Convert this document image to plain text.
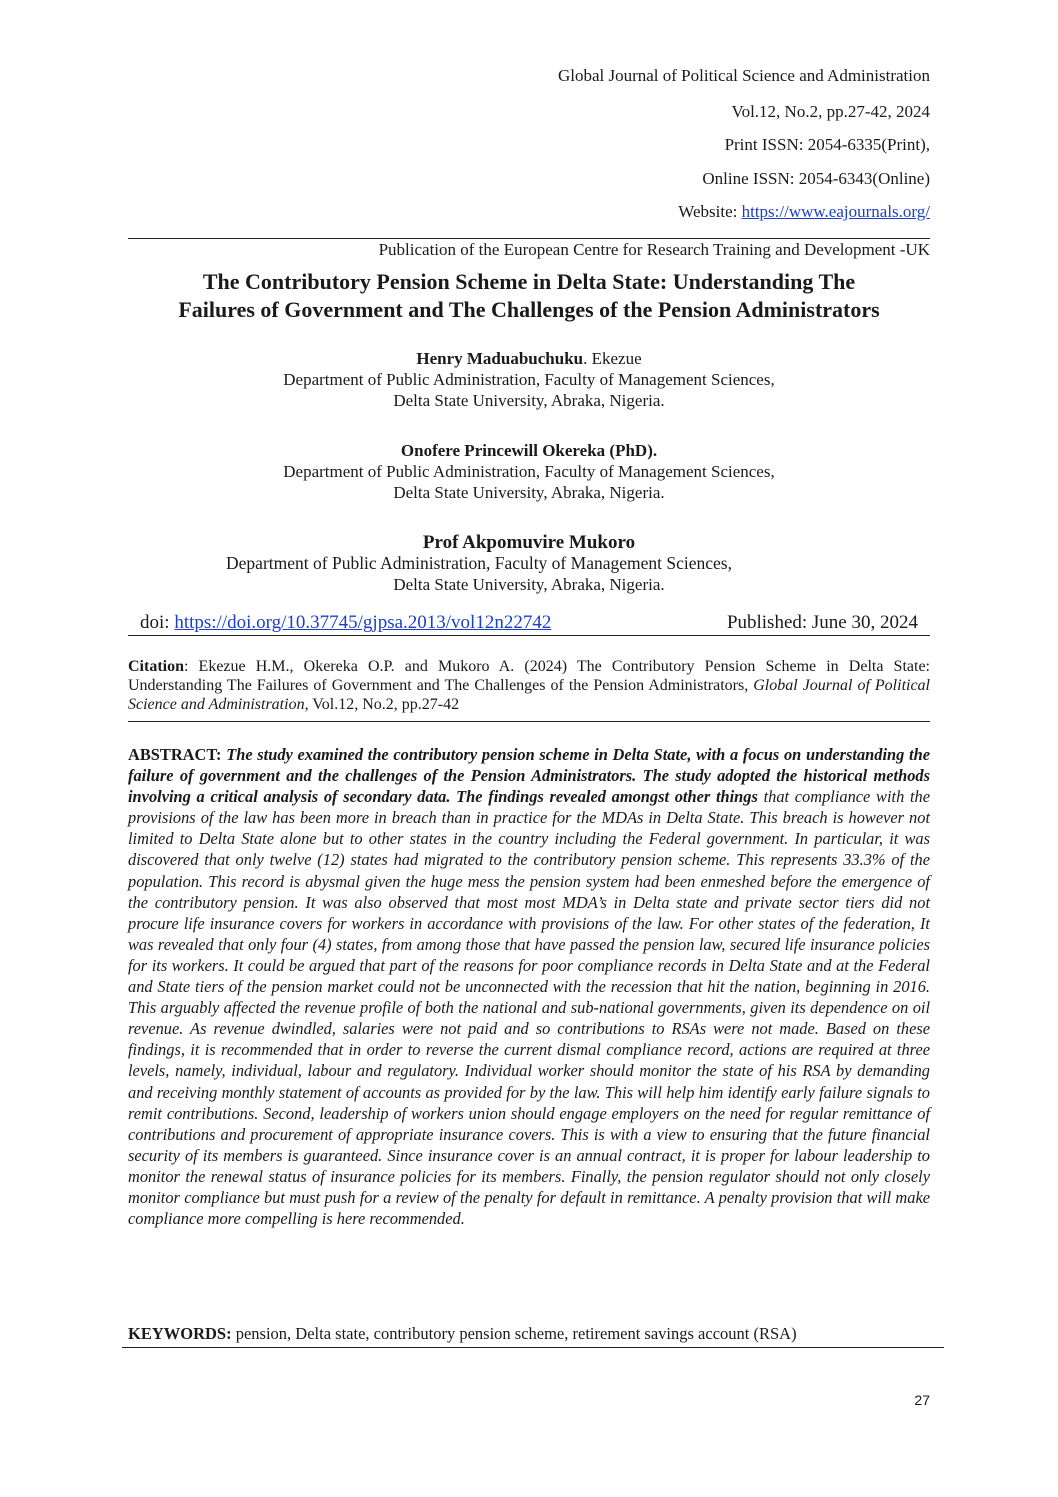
Global Journal of Political Science and Administration
Vol.12, No.2, pp.27-42, 2024
Print ISSN: 2054-6335(Print),
Online ISSN: 2054-6343(Online)
Website: https://www.eajournals.org/
Publication of the European Centre for Research Training and Development -UK
The Contributory Pension Scheme in Delta State: Understanding The
Failures of Government and The Challenges of the Pension Administrators
Henry Maduabuchuku. Ekezue
Department of Public Administration, Faculty of Management Sciences,
Delta State University, Abraka, Nigeria.
Onofere Princewill Okereka (PhD).
Department of Public Administration, Faculty of Management Sciences,
Delta State University, Abraka, Nigeria.
Prof Akpomuvire Mukoro
Department of Public Administration, Faculty of Management Sciences,
Delta State University, Abraka, Nigeria.
doi: https://doi.org/10.37745/gjpsa.2013/vol12n22742	Published: June 30, 2024
Citation: Ekezue H.M., Okereka O.P. and Mukoro A. (2024) The Contributory Pension Scheme in Delta State: Understanding The Failures of Government and The Challenges of the Pension Administrators, Global Journal of Political Science and Administration, Vol.12, No.2, pp.27-42
ABSTRACT: The study examined the contributory pension scheme in Delta State, with a focus on understanding the failure of government and the challenges of the Pension Administrators. The study adopted the historical methods involving a critical analysis of secondary data. The findings revealed amongst other things that compliance with the provisions of the law has been more in breach than in practice for the MDAs in Delta State. This breach is however not limited to Delta State alone but to other states in the country including the Federal government. In particular, it was discovered that only twelve (12) states had migrated to the contributory pension scheme. This represents 33.3% of the population. This record is abysmal given the huge mess the pension system had been enmeshed before the emergence of the contributory pension. It was also observed that most most MDA’s in Delta state and private sector tiers did not procure life insurance covers for workers in accordance with provisions of the law. For other states of the federation, It was revealed that only four (4) states, from among those that have passed the pension law, secured life insurance policies for its workers. It could be argued that part of the reasons for poor compliance records in Delta State and at the Federal and State tiers of the pension market could not be unconnected with the recession that hit the nation, beginning in 2016. This arguably affected the revenue profile of both the national and sub-national governments, given its dependence on oil revenue. As revenue dwindled, salaries were not paid and so contributions to RSAs were not made. Based on these findings, it is recommended that in order to reverse the current dismal compliance record, actions are required at three levels, namely, individual, labour and regulatory. Individual worker should monitor the state of his RSA by demanding and receiving monthly statement of accounts as provided for by the law. This will help him identify early failure signals to remit contributions. Second, leadership of workers union should engage employers on the need for regular remittance of contributions and procurement of appropriate insurance covers. This is with a view to ensuring that the future financial security of its members is guaranteed. Since insurance cover is an annual contract, it is proper for labour leadership to monitor the renewal status of insurance policies for its members. Finally, the pension regulator should not only closely monitor compliance but must push for a review of the penalty for default in remittance. A penalty provision that will make compliance more compelling is here recommended.
KEYWORDS: pension, Delta state, contributory pension scheme, retirement savings account (RSA)
27
